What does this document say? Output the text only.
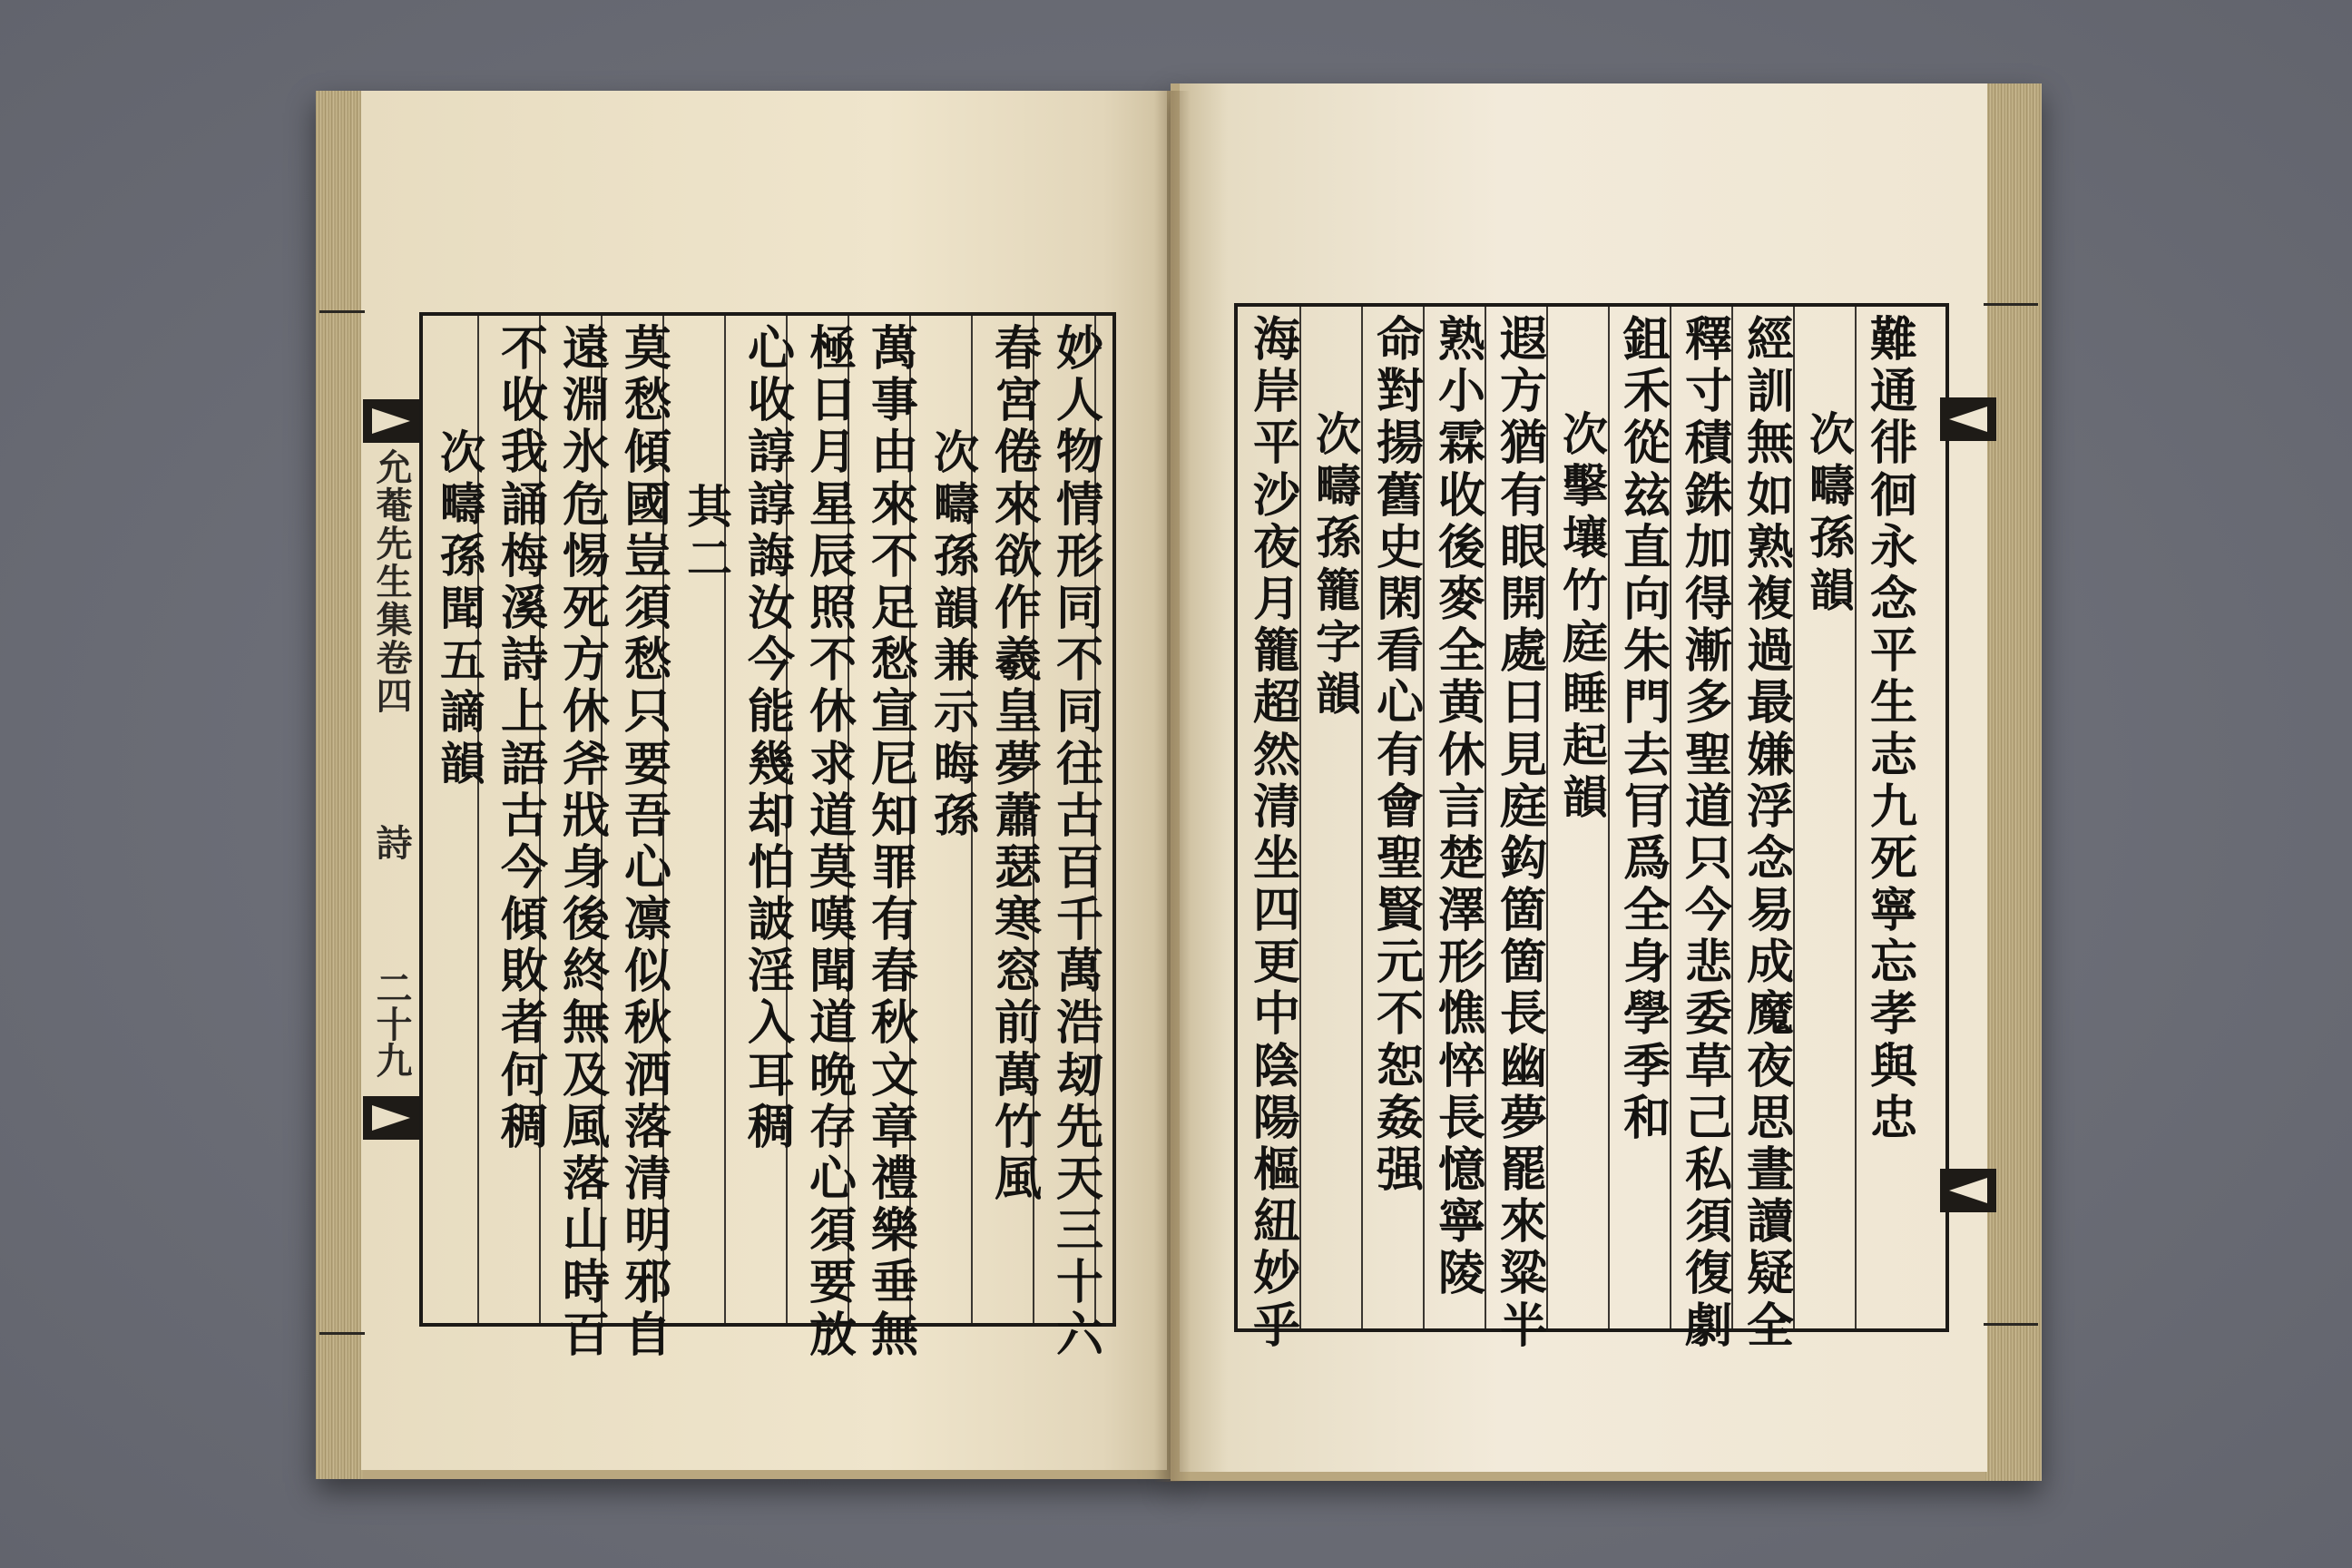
允菴先生集卷四
詩
二十九
妙
人
物
情
形
同
不
同
往
古
百
千
萬
浩
刼
先
天
三
十
六
春
宮
倦
來
欲
作
羲
皇
夢
蕭
瑟
寒
窓
前
萬
竹
風
次
疇
孫
韻
兼
示
晦
孫
萬
事
由
來
不
足
愁
宣
尼
知
罪
有
春
秋
文
章
禮
樂
垂
無
極
日
月
星
辰
照
不
休
求
道
莫
嘆
聞
道
晩
存
心
須
要
放
心
收
諄
諄
誨
汝
今
能
幾
却
怕
詖
淫
入
耳
稠
其
二
莫
愁
傾
國
豈
須
愁
只
要
吾
心
凛
似
秋
洒
落
清
明
邪
自
遠
淵
氷
危
惕
死
方
休
斧
戕
身
後
終
無
及
風
落
山
時
百
不
收
我
誦
梅
溪
詩
上
語
古
今
傾
敗
者
何
稠
次
疇
孫
聞
五
謫
韻
難
通
徘
徊
永
念
平
生
志
九
死
寧
忘
孝
與
忠
次
疇
孫
韻
經
訓
無
如
熟
複
過
最
嫌
浮
念
易
成
魔
夜
思
晝
讀
疑
全
釋
寸
積
銖
加
得
漸
多
聖
道
只
今
悲
委
草
己
私
須
復
劇
鉏
禾
從
玆
直
向
朱
門
去
肎
爲
全
身
學
季
和
次
擊
壤
竹
庭
睡
起
韻
遐
方
猶
有
眼
開
處
日
見
庭
鈎
箇
箇
長
幽
夢
罷
來
粱
半
熟
小
霖
收
後
麥
全
黄
休
言
楚
澤
形
憔
悴
長
憶
寧
陵
命
對
揚
舊
史
閑
看
心
有
會
聖
賢
元
不
恕
姦
强
次
疇
孫
籠
字
韻
海
岸
平
沙
夜
月
籠
超
然
清
坐
四
更
中
陰
陽
樞
紐
妙
乎
